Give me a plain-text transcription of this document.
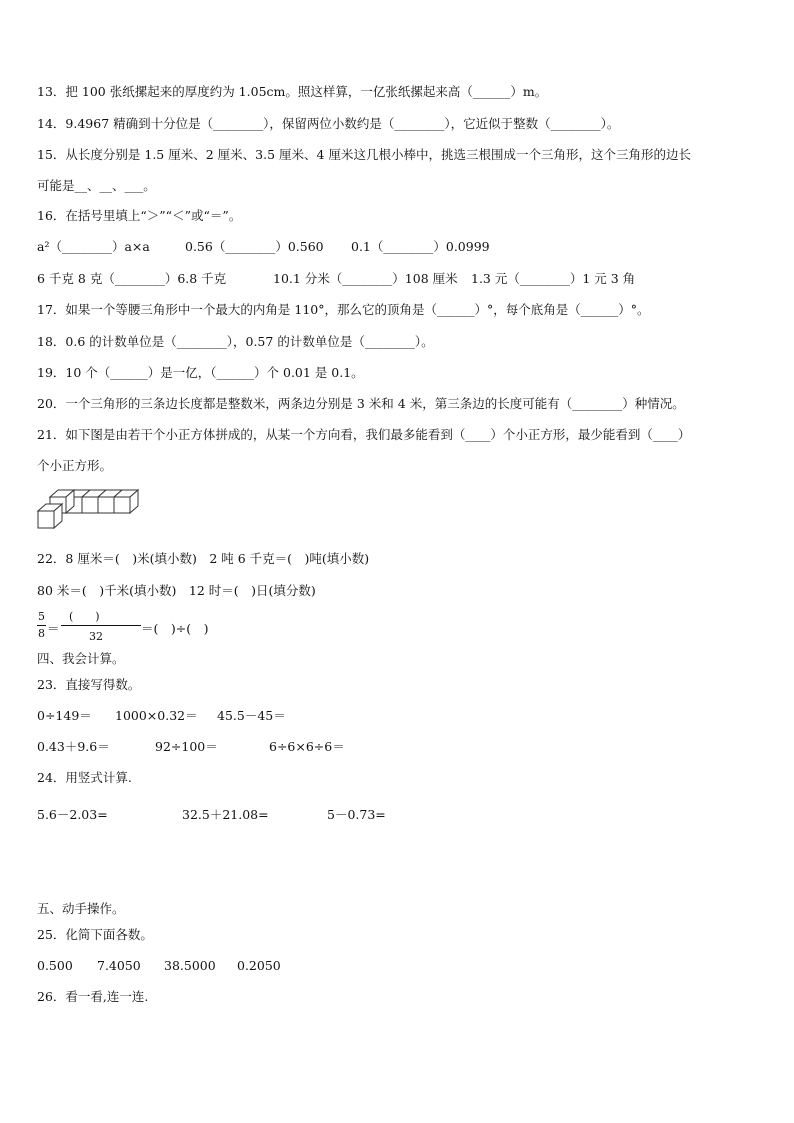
13．把 100 张纸摞起来的厚度约为 1.05cm。照这样算，一亿张纸摞起来高（______）m。
14．9.4967 精确到十分位是（________），保留两位小数约是（________），它近似于整数（________）。
15．从长度分别是 1.5 厘米、2 厘米、3.5 厘米、4 厘米这几根小棒中，挑选三根围成一个三角形，这个三角形的边长
可能是__、__、___。
16．在括号里填上“＞”“＜”或“＝”。
a²（________）a×a	0.56（________）0.560 0.1（________）0.0999
6 千克 8 克（________）6.8 千克	10.1 分米（________）108 厘米 1.3 元（________）1 元 3 角
17．如果一个等腰三角形中一个最大的内角是 110°，那么它的顶角是（______）°，每个底角是（______）°。
18．0.6 的计数单位是（________），0.57 的计数单位是（________）。
19．10 个（______）是一亿，（______）个 0.01 是 0.1。
20．一个三角形的三条边长度都是整数米，两条边分别是 3 米和 4 米，第三条边的长度可能有（________）种情况。
21．如下图是由若干个小正方体拼成的，从某一个方向看，我们最多能看到（____）个小正方形，最少能看到（____）
个小正方形。
22．8 厘米＝(　)米(填小数)　2 吨 6 千克＝(　)吨(填小数)
80 米＝(　)千米(填小数)　12 时＝(　)日(填分数)
5
8 ＝
(　　)
32
＝(　)÷(　)
四、我会计算。
23．直接写得数。
0÷149＝ 1000×0.32＝ 45.5－45＝
0.43＋9.6＝	92÷100＝	6÷6×6÷6＝
24．用竖式计算.
5.6－2.03=	32.5＋21.08=	5－0.73=
五、动手操作。
25．化简下面各数。
0.500 7.4050 38.5000 0.2050
26．看一看,连一连.
